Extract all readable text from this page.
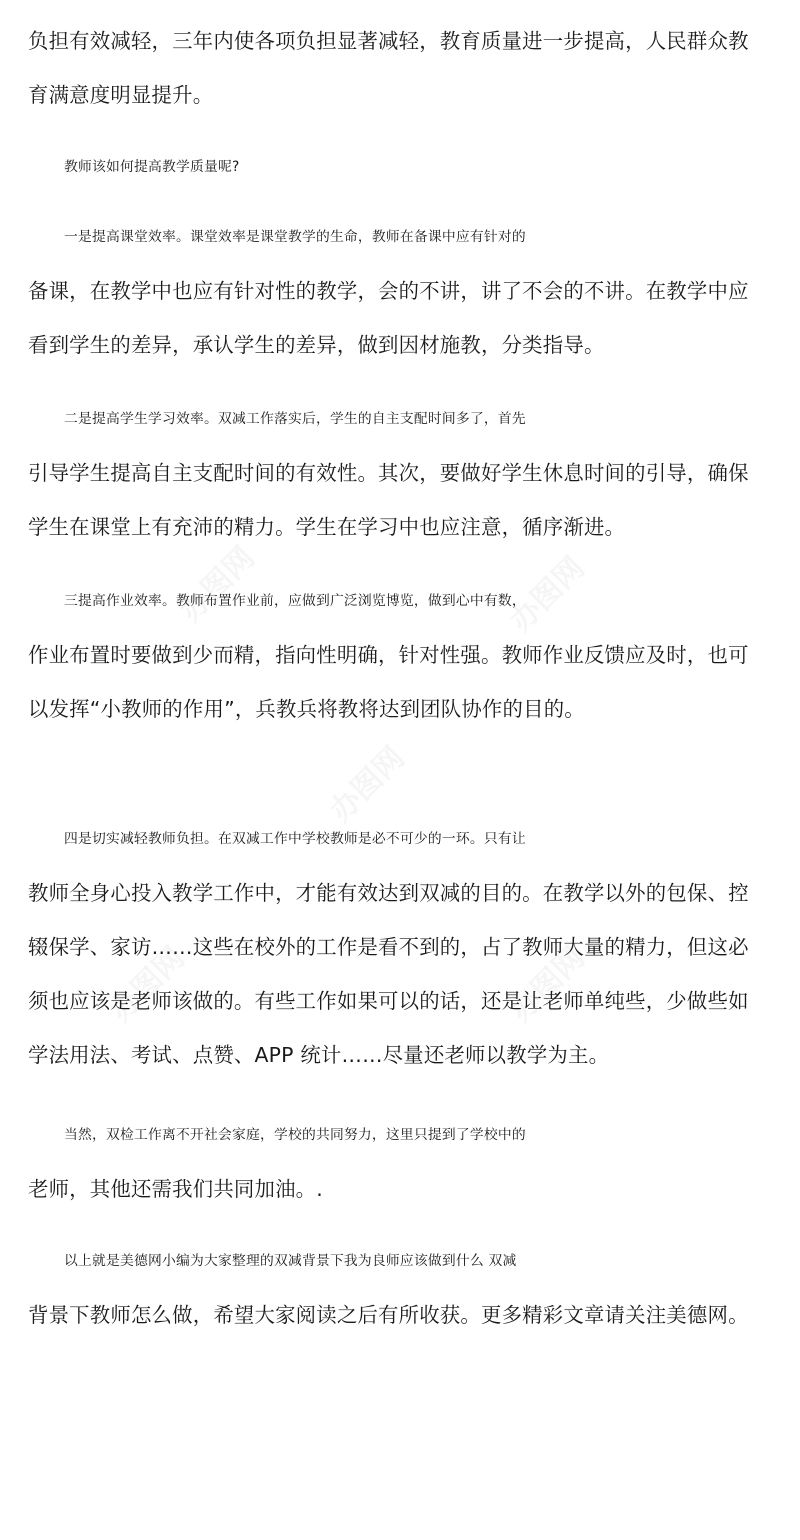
办图网	办图网
办图网
办图网	办图网

负担有效减轻，三年内使各项负担显著减轻，教育质量进一步提高，人民群众教
育满意度明显提升。

教师该如何提高教学质量呢?

一是提高课堂效率。课堂效率是课堂教学的生命，教师在备课中应有针对的

备课，在教学中也应有针对性的教学，会的不讲，讲了不会的不讲。在教学中应
看到学生的差异，承认学生的差异，做到因材施教，分类指导。

二是提高学生学习效率。双减工作落实后，学生的自主支配时间多了，首先

引导学生提高自主支配时间的有效性。其次，要做好学生休息时间的引导，确保
学生在课堂上有充沛的精力。学生在学习中也应注意，循序渐进。

三提高作业效率。教师布置作业前，应做到广泛浏览博览，做到心中有数，

作业布置时要做到少而精，指向性明确，针对性强。教师作业反馈应及时，也可
以发挥“小教师的作用”，兵教兵将教将达到团队协作的目的。

四是切实减轻教师负担。在双减工作中学校教师是必不可少的一环。只有让

教师全身心投入教学工作中，才能有效达到双减的目的。在教学以外的包保、控
辍保学、家访……这些在校外的工作是看不到的，占了教师大量的精力，但这必
须也应该是老师该做的。有些工作如果可以的话，还是让老师单纯些，少做些如
学法用法、考试、点赞、APP 统计……尽量还老师以教学为主。

当然，双检工作离不开社会家庭，学校的共同努力，这里只提到了学校中的

老师，其他还需我们共同加油。.

以上就是美德网小编为大家整理的双减背景下我为良师应该做到什么 双减

背景下教师怎么做，希望大家阅读之后有所收获。更多精彩文章请关注美德网。
